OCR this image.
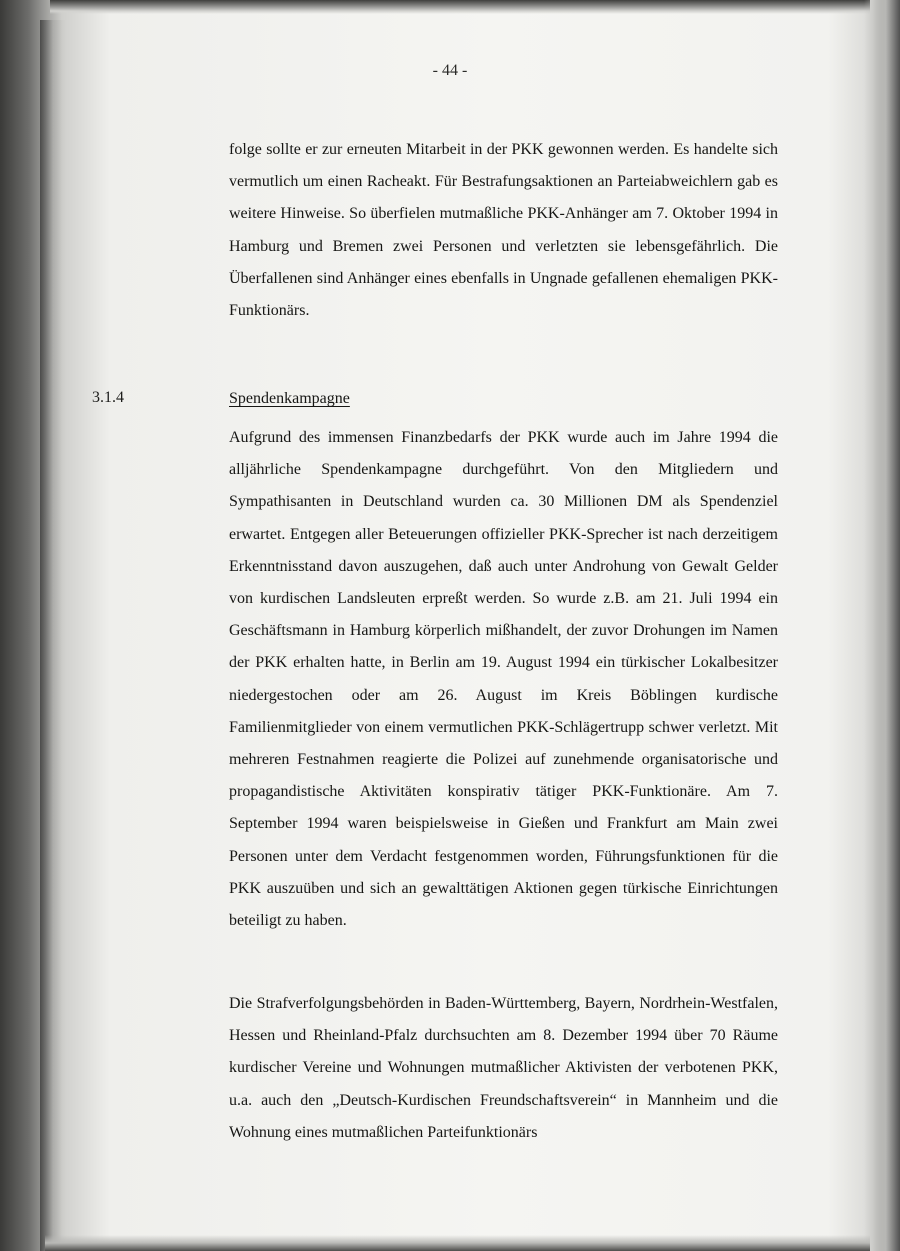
- 44 -

folge sollte er zur erneuten Mitarbeit in der PKK gewonnen werden. Es handelte sich vermutlich um einen Racheakt. Für Bestrafungsaktionen an Parteiabweichlern gab es weitere Hinweise. So überfielen mutmaßliche PKK-Anhänger am 7. Oktober 1994 in Hamburg und Bremen zwei Personen und verletzten sie lebensgefährlich. Die Überfallenen sind Anhänger eines ebenfalls in Ungnade gefallenen ehemaligen PKK-Funktionärs.

3.1.4	Spendenkampagne

Aufgrund des immensen Finanzbedarfs der PKK wurde auch im Jahre 1994 die alljährliche Spendenkampagne durchgeführt. Von den Mitgliedern und Sympathisanten in Deutschland wurden ca. 30 Millionen DM als Spendenziel erwartet. Entgegen aller Beteuerungen offizieller PKK-Sprecher ist nach derzeitigem Erkenntnisstand davon auszugehen, daß auch unter Androhung von Gewalt Gelder von kurdischen Landsleuten erpreßt werden. So wurde z.B. am 21. Juli 1994 ein Geschäftsmann in Hamburg körperlich mißhandelt, der zuvor Drohungen im Namen der PKK erhalten hatte, in Berlin am 19. August 1994 ein türkischer Lokalbesitzer niedergestochen oder am 26. August im Kreis Böblingen kurdische Familienmitglieder von einem vermutlichen PKK-Schlägertrupp schwer verletzt. Mit mehreren Festnahmen reagierte die Polizei auf zunehmende organisatorische und propagandistische Aktivitäten konspirativ tätiger PKK-Funktionäre. Am 7. September 1994 waren beispielsweise in Gießen und Frankfurt am Main zwei Personen unter dem Verdacht festgenommen worden, Führungsfunktionen für die PKK auszuüben und sich an gewalttätigen Aktionen gegen türkische Einrichtungen beteiligt zu haben.

Die Strafverfolgungsbehörden in Baden-Württemberg, Bayern, Nordrhein-Westfalen, Hessen und Rheinland-Pfalz durchsuchten am 8. Dezember 1994 über 70 Räume kurdischer Vereine und Wohnungen mutmaßlicher Aktivisten der verbotenen PKK, u.a. auch den „Deutsch-Kurdischen Freundschaftsverein“ in Mannheim und die Wohnung eines mutmaßlichen Parteifunktionärs
